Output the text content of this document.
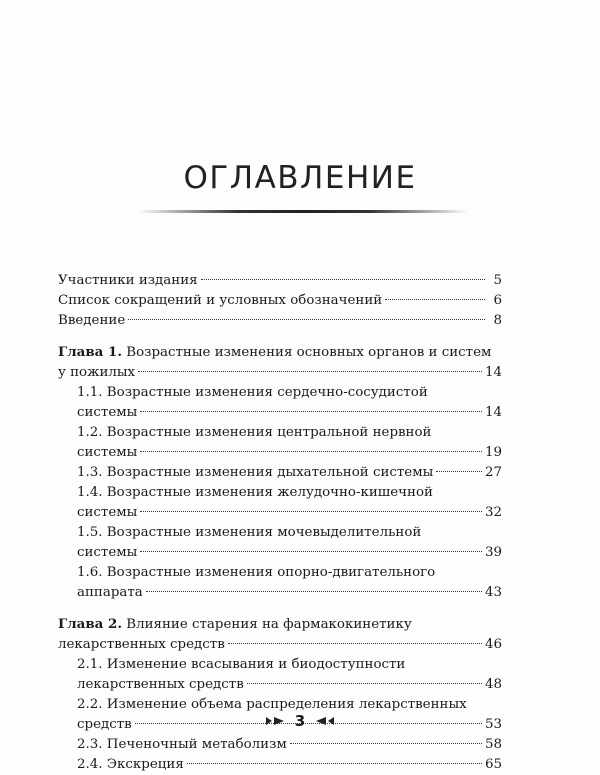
ОГЛАВЛЕНИЕ
Участники издания	5
Список сокращений и условных обозначений	6
Введение	8
Глава 1. Возрастные изменения основных органов и систем
у пожилых	14
1.1. Возрастные изменения сердечно-сосудистой
системы	14
1.2. Возрастные изменения центральной нервной
системы	19
1.3. Возрастные изменения дыхательной системы	27
1.4. Возрастные изменения желудочно-кишечной
системы	32
1.5. Возрастные изменения мочевыделительной
системы	39
1.6. Возрастные изменения опорно-двигательного
аппарата	43
Глава 2. Влияние старения на фармакокинетику
лекарственных средств	46
2.1. Изменение всасывания и биодоступности
лекарственных средств	48
2.2. Изменение объема распределения лекарственных
средств	53
2.3. Печеночный метаболизм	58
2.4. Экскреция	65
3
